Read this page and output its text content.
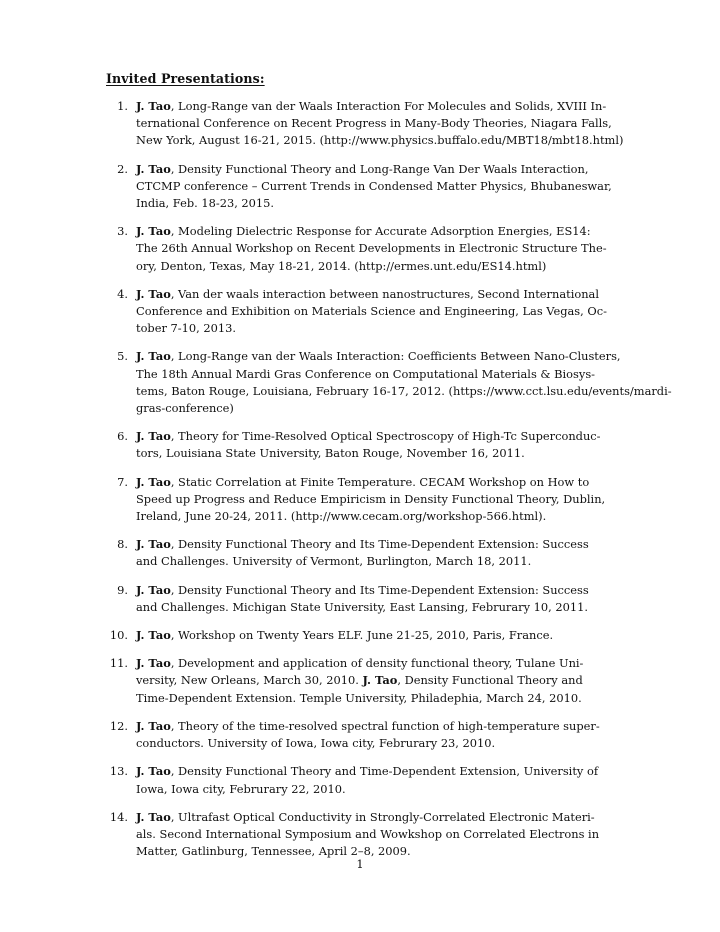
Invited Presentations:
1. J. Tao, Long-Range van der Waals Interaction For Molecules and Solids, XVIII In-
ternational Conference on Recent Progress in Many-Body Theories, Niagara Falls,
New York, August 16-21, 2015. (http://www.physics.buffalo.edu/MBT18/mbt18.html)
2. J. Tao, Density Functional Theory and Long-Range Van Der Waals Interaction,
CTCMP conference – Current Trends in Condensed Matter Physics, Bhubaneswar,
India, Feb. 18-23, 2015.
3. J. Tao, Modeling Dielectric Response for Accurate Adsorption Energies, ES14:
The 26th Annual Workshop on Recent Developments in Electronic Structure The-
ory, Denton, Texas, May 18-21, 2014. (http://ermes.unt.edu/ES14.html)
4. J. Tao, Van der waals interaction between nanostructures, Second International
Conference and Exhibition on Materials Science and Engineering, Las Vegas, Oc-
tober 7-10, 2013.
5. J. Tao, Long-Range van der Waals Interaction: Coefficients Between Nano-Clusters,
The 18th Annual Mardi Gras Conference on Computational Materials & Biosys-
tems, Baton Rouge, Louisiana, February 16-17, 2012. (https://www.cct.lsu.edu/events/mardi-
gras-conference)
6. J. Tao, Theory for Time-Resolved Optical Spectroscopy of High-Tc Superconduc-
tors, Louisiana State University, Baton Rouge, November 16, 2011.
7. J. Tao, Static Correlation at Finite Temperature. CECAM Workshop on How to
Speed up Progress and Reduce Empiricism in Density Functional Theory, Dublin,
Ireland, June 20-24, 2011. (http://www.cecam.org/workshop-566.html).
8. J. Tao, Density Functional Theory and Its Time-Dependent Extension: Success
and Challenges. University of Vermont, Burlington, March 18, 2011.
9. J. Tao, Density Functional Theory and Its Time-Dependent Extension: Success
and Challenges. Michigan State University, East Lansing, Februrary 10, 2011.
10. J. Tao, Workshop on Twenty Years ELF. June 21-25, 2010, Paris, France.
11. J. Tao, Development and application of density functional theory, Tulane Uni-
versity, New Orleans, March 30, 2010. J. Tao, Density Functional Theory and
Time-Dependent Extension. Temple University, Philadephia, March 24, 2010.
12. J. Tao, Theory of the time-resolved spectral function of high-temperature super-
conductors. University of Iowa, Iowa city, Februrary 23, 2010.
13. J. Tao, Density Functional Theory and Time-Dependent Extension, University of
Iowa, Iowa city, Februrary 22, 2010.
14. J. Tao, Ultrafast Optical Conductivity in Strongly-Correlated Electronic Materi-
als. Second International Symposium and Wowkshop on Correlated Electrons in
Matter, Gatlinburg, Tennessee, April 2–8, 2009.
1
